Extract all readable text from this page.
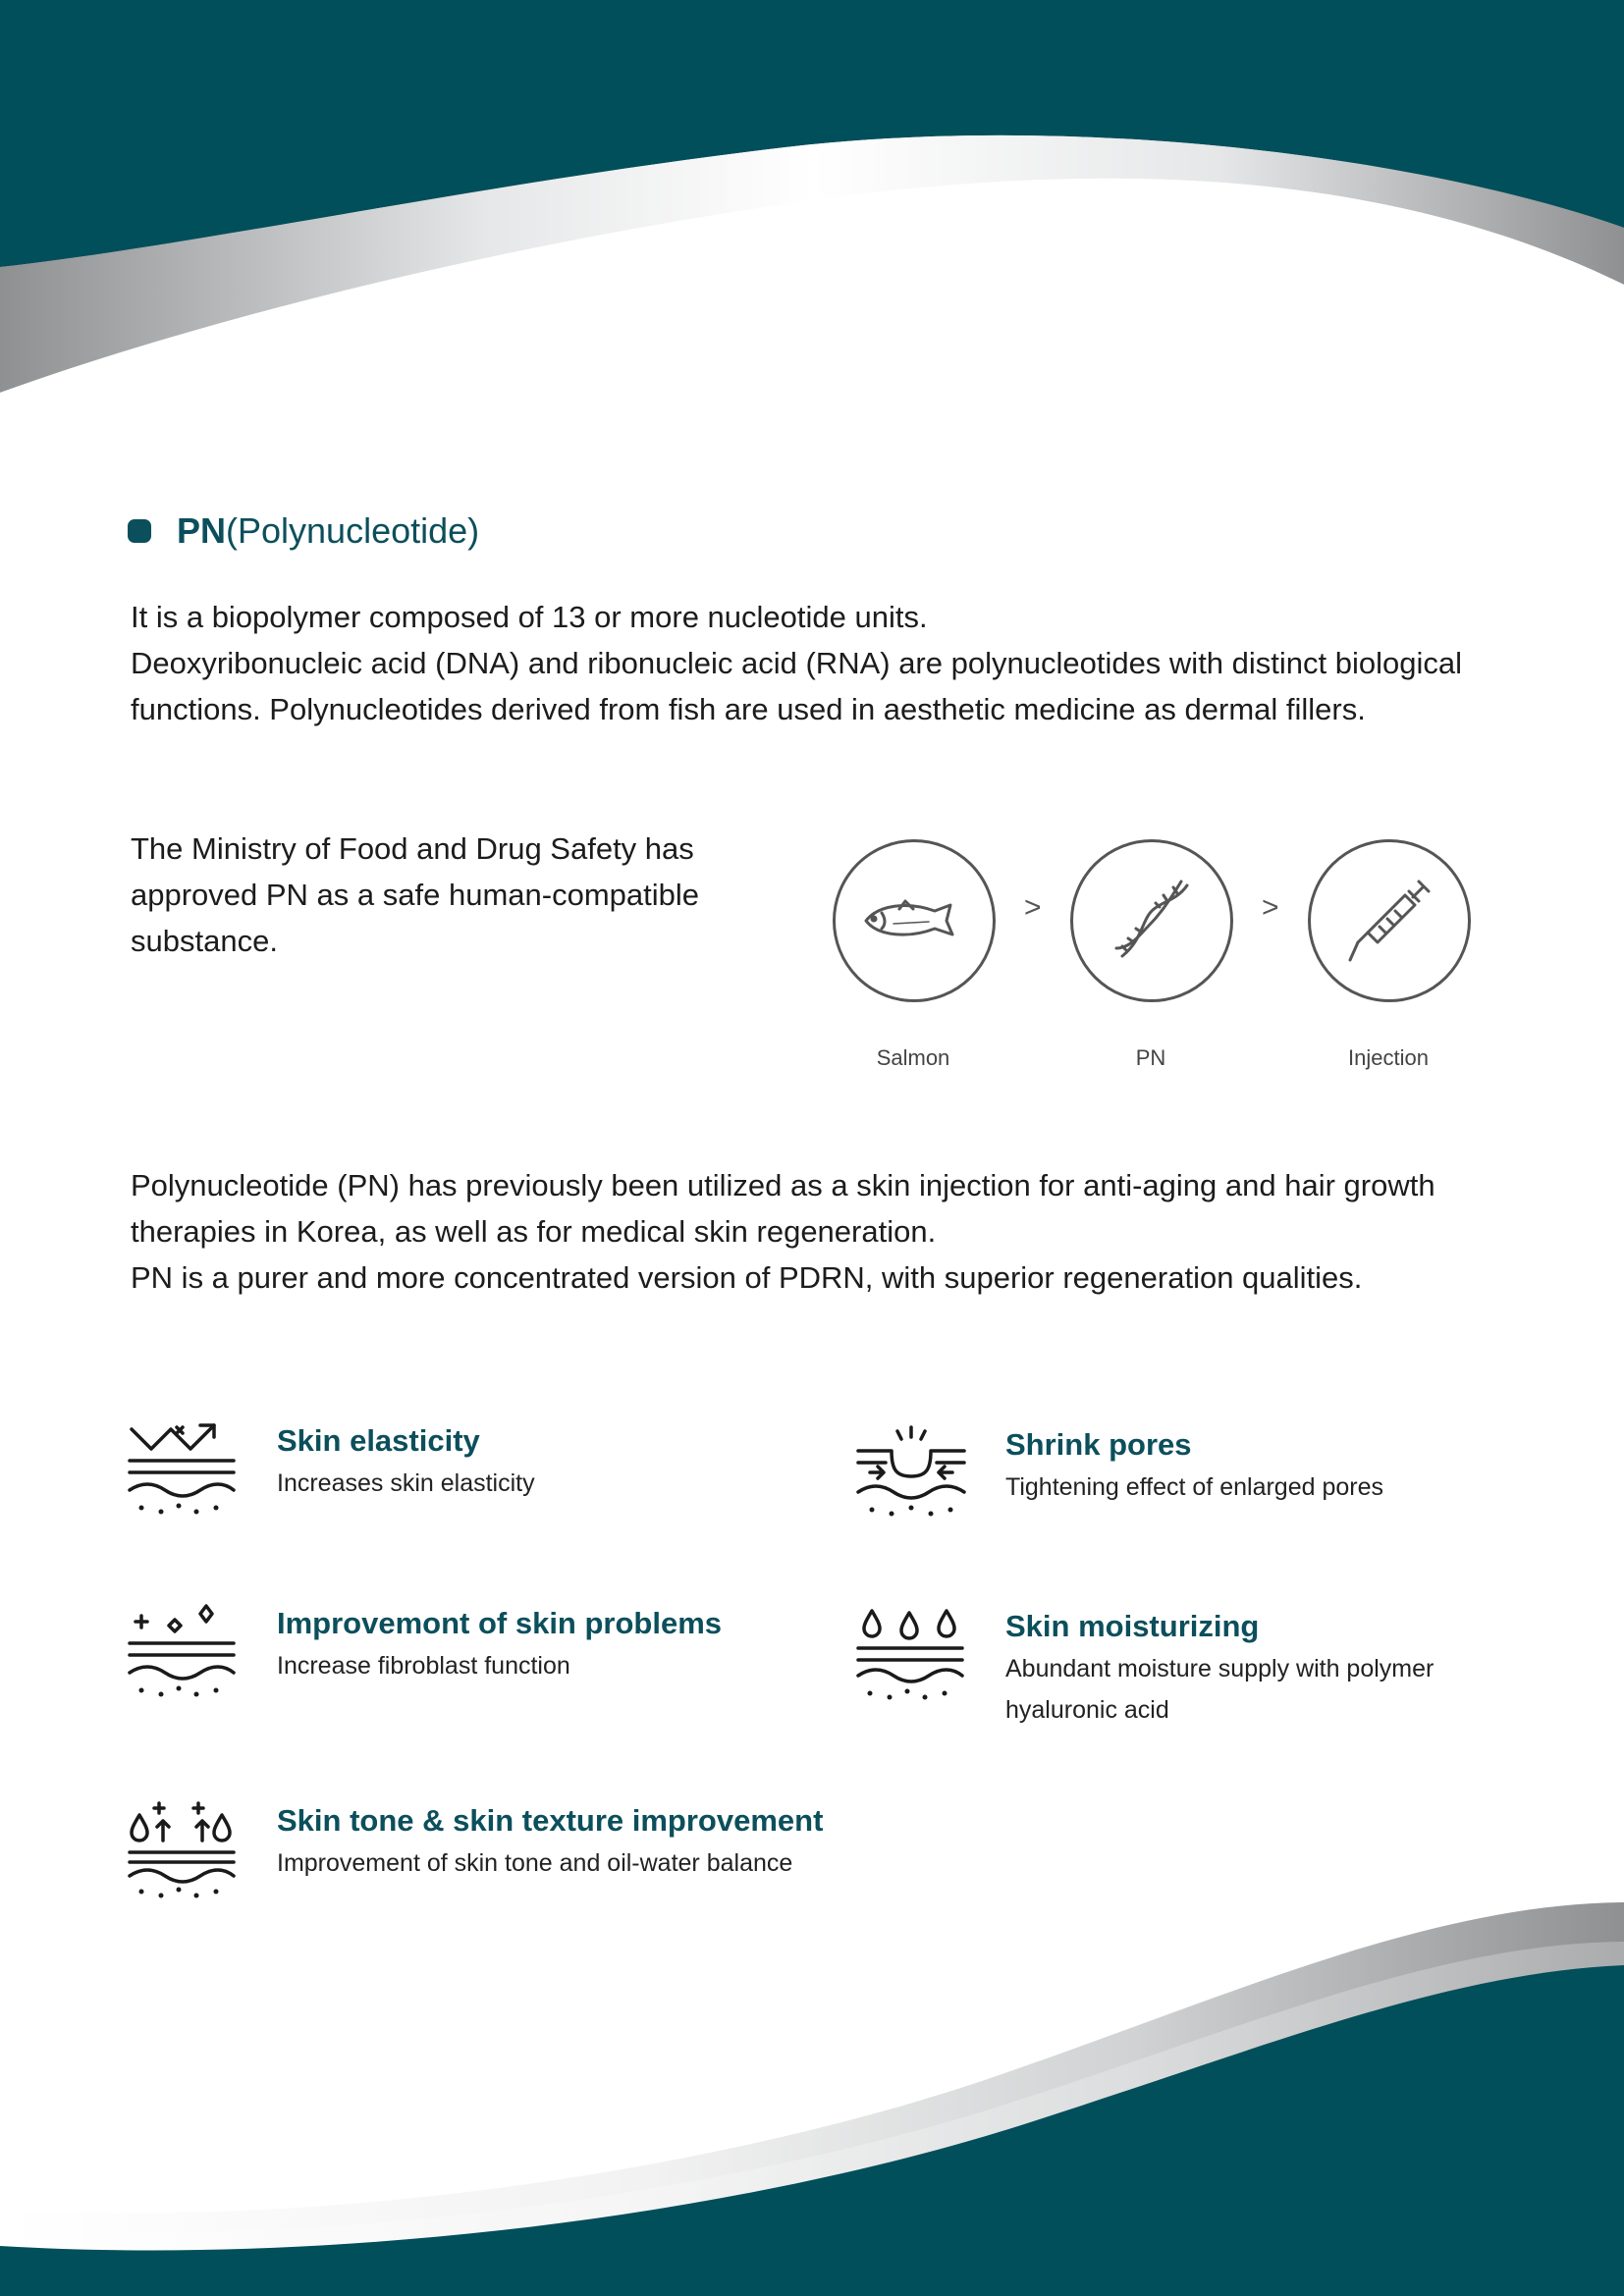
PN (Polynucleotide)

It is a biopolymer composed of 13 or more nucleotide units.

Deoxyribonucleic acid (DNA) and ribonucleic acid (RNA) are polynucleotides with distinct biological functions. Polynucleotides derived from fish are used in aesthetic medicine as dermal fillers.

The Ministry of Food and Drug Safety has approved PN as a safe human-compatible substance.

Salmon
>
PN
>
Injection

Polynucleotide (PN) has previously been utilized as a skin injection for anti-aging and hair growth therapies in Korea, as well as for medical skin regeneration.

PN is a purer and more concentrated version of PDRN, with superior regeneration qualities.

Skin elasticity
Increases skin elasticity
Shrink pores
Tightening effect of enlarged pores
Improvemont of skin problems
Increase fibroblast function
Skin moisturizing
Abundant moisture supply with polymer hyaluronic acid
Skin tone & skin texture improvement
Improvement of skin tone and oil-water balance
